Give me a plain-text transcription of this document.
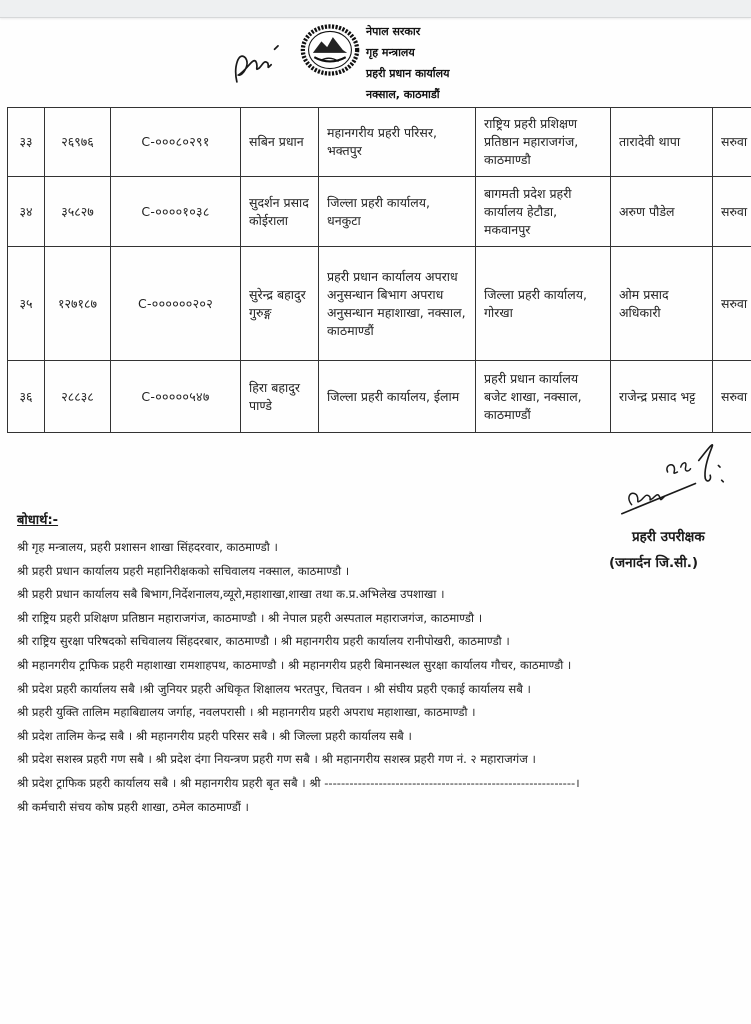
नेपाल सरकार
गृह मन्त्रालय
प्रहरी प्रधान कार्यालय
नक्साल, काठमाडौं
३३	२६९७६	C-०००८०२९१	सबिन प्रधान	महानगरीय प्रहरी परिसर, भक्तपुर	राष्ट्रिय प्रहरी प्रशिक्षण प्रतिष्ठान महाराजगंज, काठमाण्डौ	तारादेवी थापा	सरुवा
३४	३५८२७	C-००००१०३८	सुदर्शन प्रसाद कोईराला	जिल्ला प्रहरी कार्यालय, धनकुटा	बागमती प्रदेश प्रहरी कार्यालय हेटौडा, मकवानपुर	अरुण पौडेल	सरुवा
३५	१२७१८७	C-००००००२०२	सुरेन्द्र बहादुर गुरुङ्ग	प्रहरी प्रधान कार्यालय अपराध अनुसन्धान बिभाग अपराध अनुसन्धान महाशाखा, नक्साल, काठमाण्डौं	जिल्ला प्रहरी कार्यालय, गोरखा	ओम प्रसाद अधिकारी	सरुवा
३६	२८८३८	C-०००००५४७	हिरा बहादुर पाण्डे	जिल्ला प्रहरी कार्यालय, ईलाम	प्रहरी प्रधान कार्यालय बजेट शाखा, नक्साल, काठमाण्डौं	राजेन्द्र प्रसाद भट्ट	सरुवा
प्रहरी उपरीक्षक
(जनार्दन जि.सी.)
बोधार्थ:-
श्री गृह मन्त्रालय, प्रहरी प्रशासन शाखा सिंहदरवार, काठमाण्डौ ।
श्री प्रहरी प्रधान कार्यालय प्रहरी महानिरीक्षकको सचिवालय नक्साल, काठमाण्डौ ।
श्री प्रहरी प्रधान कार्यालय सबै बिभाग,निर्देशनालय,व्यूरो,महाशाखा,शाखा तथा क.प्र.अभिलेख उपशाखा ।
श्री राष्ट्रिय प्रहरी प्रशिक्षण प्रतिष्ठान महाराजगंज, काठमाण्डौ । श्री नेपाल प्रहरी अस्पताल महाराजगंज, काठमाण्डौ ।
श्री राष्ट्रिय सुरक्षा परिषदको सचिवालय सिंहदरबार, काठमाण्डौ । श्री महानगरीय प्रहरी कार्यालय रानीपोखरी, काठमाण्डौ ।
श्री महानगरीय ट्राफिक प्रहरी महाशाखा रामशाहपथ, काठमाण्डौ । श्री महानगरीय प्रहरी बिमानस्थल सुरक्षा कार्यालय गौचर, काठमाण्डौ ।
श्री प्रदेश प्रहरी कार्यालय सबै ।श्री जुनियर प्रहरी अधिकृत शिक्षालय भरतपुर, चितवन । श्री संघीय प्रहरी एकाई कार्यालय सबै ।
श्री प्रहरी युक्ति तालिम महाबिद्यालय जर्गाह, नवलपरासी । श्री महानगरीय प्रहरी अपराध महाशाखा, काठमाण्डौ ।
श्री प्रदेश तालिम केन्द्र सबै । श्री महानगरीय प्रहरी परिसर सबै । श्री जिल्ला प्रहरी कार्यालय सबै ।
श्री प्रदेश सशस्त्र प्रहरी गण सबै । श्री प्रदेश दंगा नियन्त्रण प्रहरी गण सबै । श्री महानगरीय सशस्त्र प्रहरी गण नं. २ महाराजगंज ।
श्री प्रदेश ट्राफिक प्रहरी कार्यालय सबै । श्री महानगरीय प्रहरी बृत सबै । श्री ------------------------------------------------------------।
श्री कर्मचारी संचय कोष प्रहरी शाखा, ठमेल काठमाण्डौं ।
